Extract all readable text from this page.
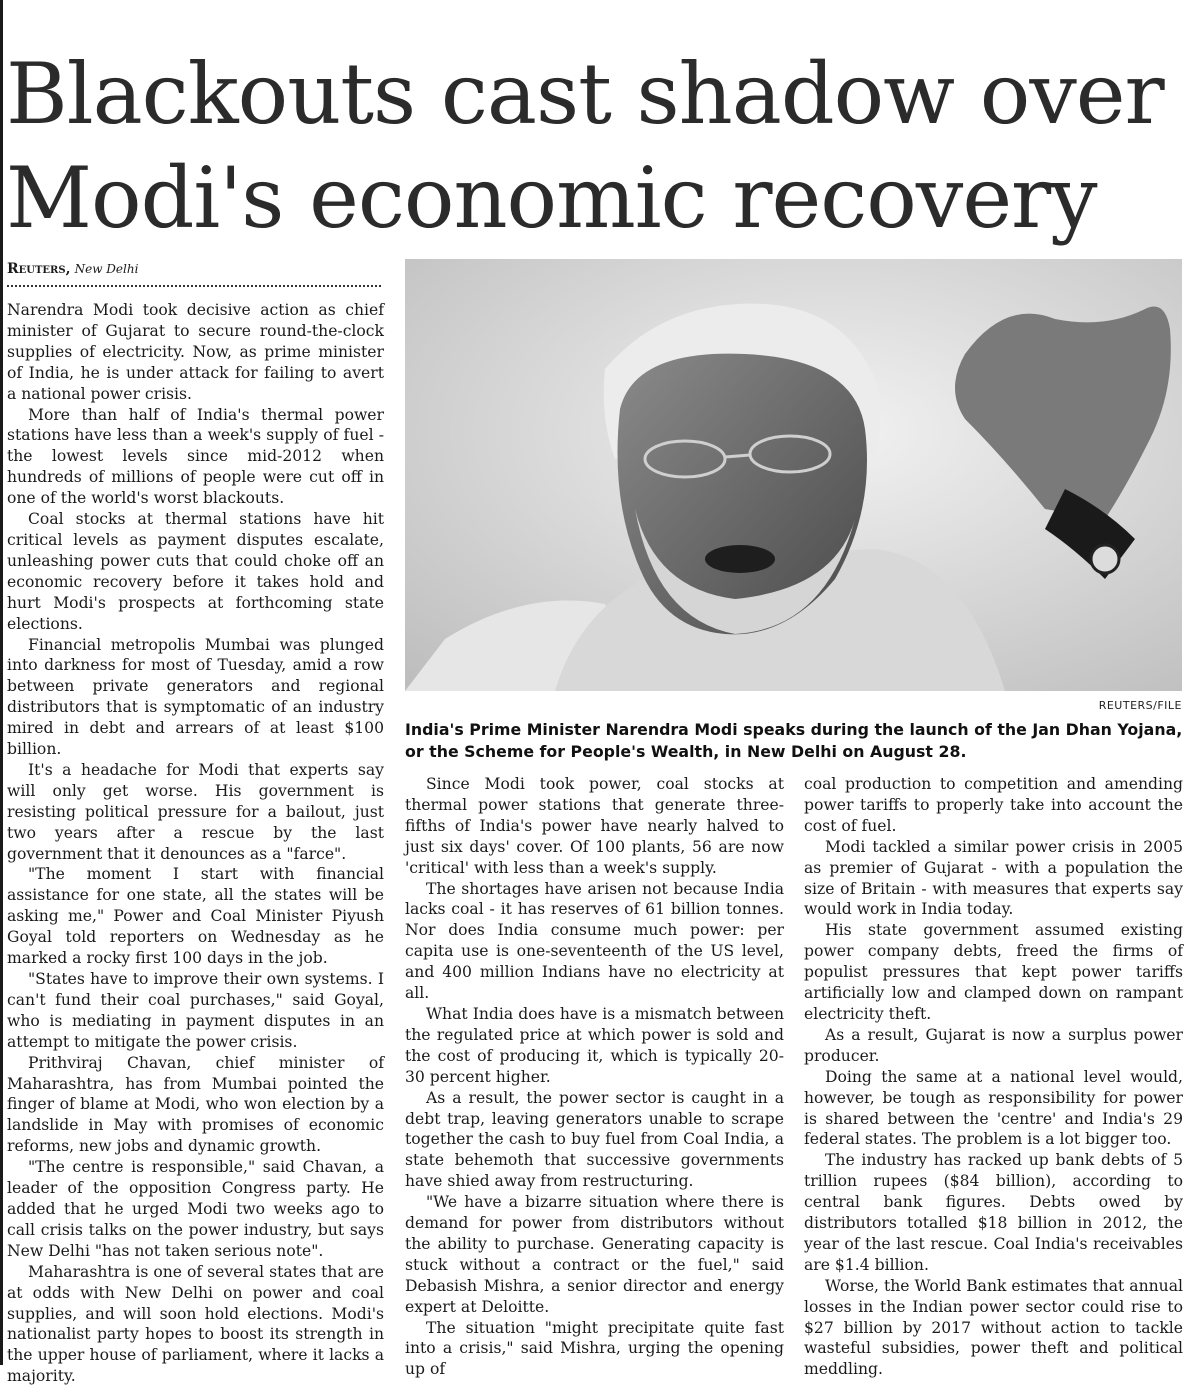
Blackouts cast shadow over Modi's economic recovery
Reuters, New Delhi

Narendra Modi took decisive action as chief minister of Gujarat to secure round-the-clock supplies of electricity. Now, as prime minister of India, he is under attack for failing to avert a national power crisis.

More than half of India's thermal power stations have less than a week's supply of fuel - the lowest levels since mid-2012 when hundreds of millions of people were cut off in one of the world's worst blackouts.

Coal stocks at thermal stations have hit critical levels as payment disputes escalate, unleashing power cuts that could choke off an economic recovery before it takes hold and hurt Modi's prospects at forthcoming state elections.

Financial metropolis Mumbai was plunged into darkness for most of Tuesday, amid a row between private generators and regional distributors that is symptomatic of an industry mired in debt and arrears of at least $100 billion.

It's a headache for Modi that experts say will only get worse. His government is resisting political pressure for a bailout, just two years after a rescue by the last government that it denounces as a "farce".

"The moment I start with financial assistance for one state, all the states will be asking me," Power and Coal Minister Piyush Goyal told reporters on Wednesday as he marked a rocky first 100 days in the job.

"States have to improve their own systems. I can't fund their coal purchases," said Goyal, who is mediating in payment disputes in an attempt to mitigate the power crisis.

Prithviraj Chavan, chief minister of Maharashtra, has from Mumbai pointed the finger of blame at Modi, who won election by a landslide in May with promises of economic reforms, new jobs and dynamic growth.

"The centre is responsible," said Chavan, a leader of the opposition Congress party. He added that he urged Modi two weeks ago to call crisis talks on the power industry, but says New Delhi "has not taken serious note".

Maharashtra is one of several states that are at odds with New Delhi on power and coal supplies, and will soon hold elections. Modi's nationalist party hopes to boost its strength in the upper house of parliament, where it lacks a majority.

REUTERS/FILE
India's Prime Minister Narendra Modi speaks during the launch of the Jan Dhan Yojana, or the Scheme for People's Wealth, in New Delhi on August 28.

Since Modi took power, coal stocks at thermal power stations that generate three-fifths of India's power have nearly halved to just six days' cover. Of 100 plants, 56 are now 'critical' with less than a week's supply.

The shortages have arisen not because India lacks coal - it has reserves of 61 billion tonnes. Nor does India consume much power: per capita use is one-seventeenth of the US level, and 400 million Indians have no electricity at all.

What India does have is a mismatch between the regulated price at which power is sold and the cost of producing it, which is typically 20-30 percent higher.

As a result, the power sector is caught in a debt trap, leaving generators unable to scrape together the cash to buy fuel from Coal India, a state behemoth that successive governments have shied away from restructuring.

"We have a bizarre situation where there is demand for power from distributors without the ability to purchase. Generating capacity is stuck without a contract or the fuel," said Debasish Mishra, a senior director and energy expert at Deloitte.

The situation "might precipitate quite fast into a crisis," said Mishra, urging the opening up of

coal production to competition and amending power tariffs to properly take into account the cost of fuel.

Modi tackled a similar power crisis in 2005 as premier of Gujarat - with a population the size of Britain - with measures that experts say would work in India today.

His state government assumed existing power company debts, freed the firms of populist pressures that kept power tariffs artificially low and clamped down on rampant electricity theft.

As a result, Gujarat is now a surplus power producer.

Doing the same at a national level would, however, be tough as responsibility for power is shared between the 'centre' and India's 29 federal states. The problem is a lot bigger too.

The industry has racked up bank debts of 5 trillion rupees ($84 billion), according to central bank figures. Debts owed by distributors totalled $18 billion in 2012, the year of the last rescue. Coal India's receivables are $1.4 billion.

Worse, the World Bank estimates that annual losses in the Indian power sector could rise to $27 billion by 2017 without action to tackle wasteful subsidies, power theft and political meddling.
